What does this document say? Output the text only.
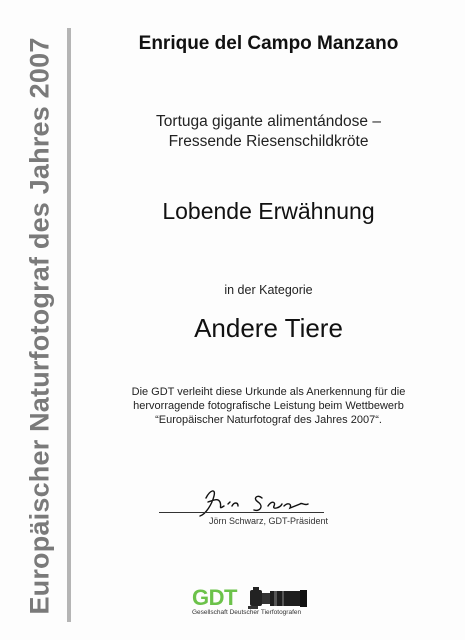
Europäischer Naturfotograf des Jahres 2007	Enrique del Campo Manzano
Tortuga gigante alimentándose –
Fressende Riesenschildkröte
Lobende Erwähnung
in der Kategorie
Andere Tiere
Die GDT verleiht diese Urkunde als Anerkennung für die
hervorragende fotografische Leistung beim Wettbewerb
“Europäischer Naturfotograf des Jahres 2007“.
Jörn Schwarz, GDT-Präsident
GDT
Gesellschaft Deutscher Tierfotografen
